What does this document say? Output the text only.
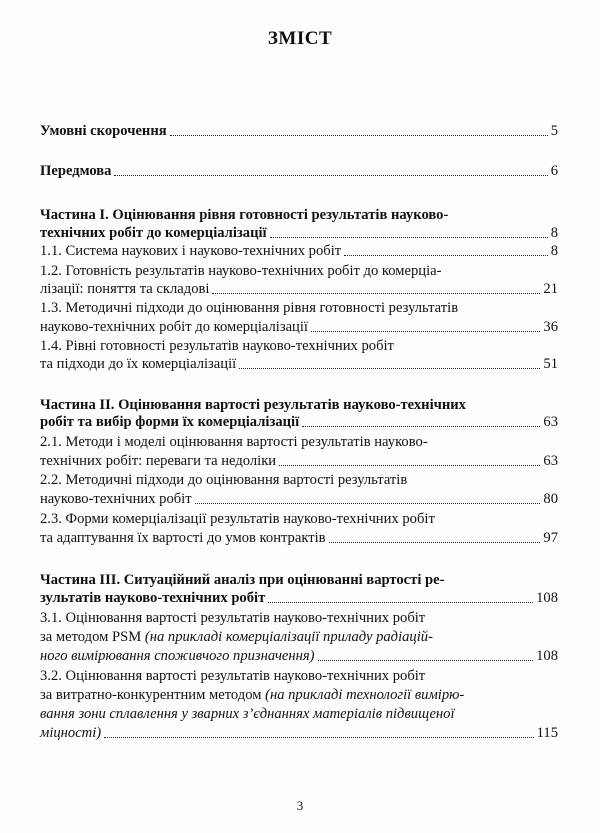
ЗМІСТ
Умовні скорочення	5
Передмова	6
Частина I. Оцінювання рівня готовності результатів науково-
технічних робіт до комерціалізації	8
1.1. Система наукових і науково-технічних робіт	8
1.2. Готовність результатів науково-технічних робіт до комерціа-
лізації: поняття та складові	21
1.3. Методичні підходи до оцінювання рівня готовності результатів
науково-технічних робіт до комерціалізації	36
1.4. Рівні готовності результатів науково-технічних робіт
та підходи до їх комерціалізації	51
Частина II. Оцінювання вартості результатів науково-технічних
робіт та вибір форми їх комерціалізації	63
2.1. Методи і моделі оцінювання вартості результатів науково-
технічних робіт: переваги та недоліки	63
2.2. Методичні підходи до оцінювання вартості результатів
науково-технічних робіт	80
2.3. Форми комерціалізації результатів науково-технічних робіт
та адаптування їх вартості до умов контрактів	97
Частина III. Ситуаційний аналіз при оцінюванні вартості ре-
зультатів науково-технічних робіт	108
3.1. Оцінювання вартості результатів науково-технічних робіт
за методом PSM (на прикладі комерціалізації приладу радіацій-
ного вимірювання споживчого призначення)	108
3.2. Оцінювання вартості результатів науково-технічних робіт
за витратно-конкурентним методом (на прикладі технології вимірю-
вання зони сплавлення у зварних з’єднаннях матеріалів підвищеної
міцності)	115
3
